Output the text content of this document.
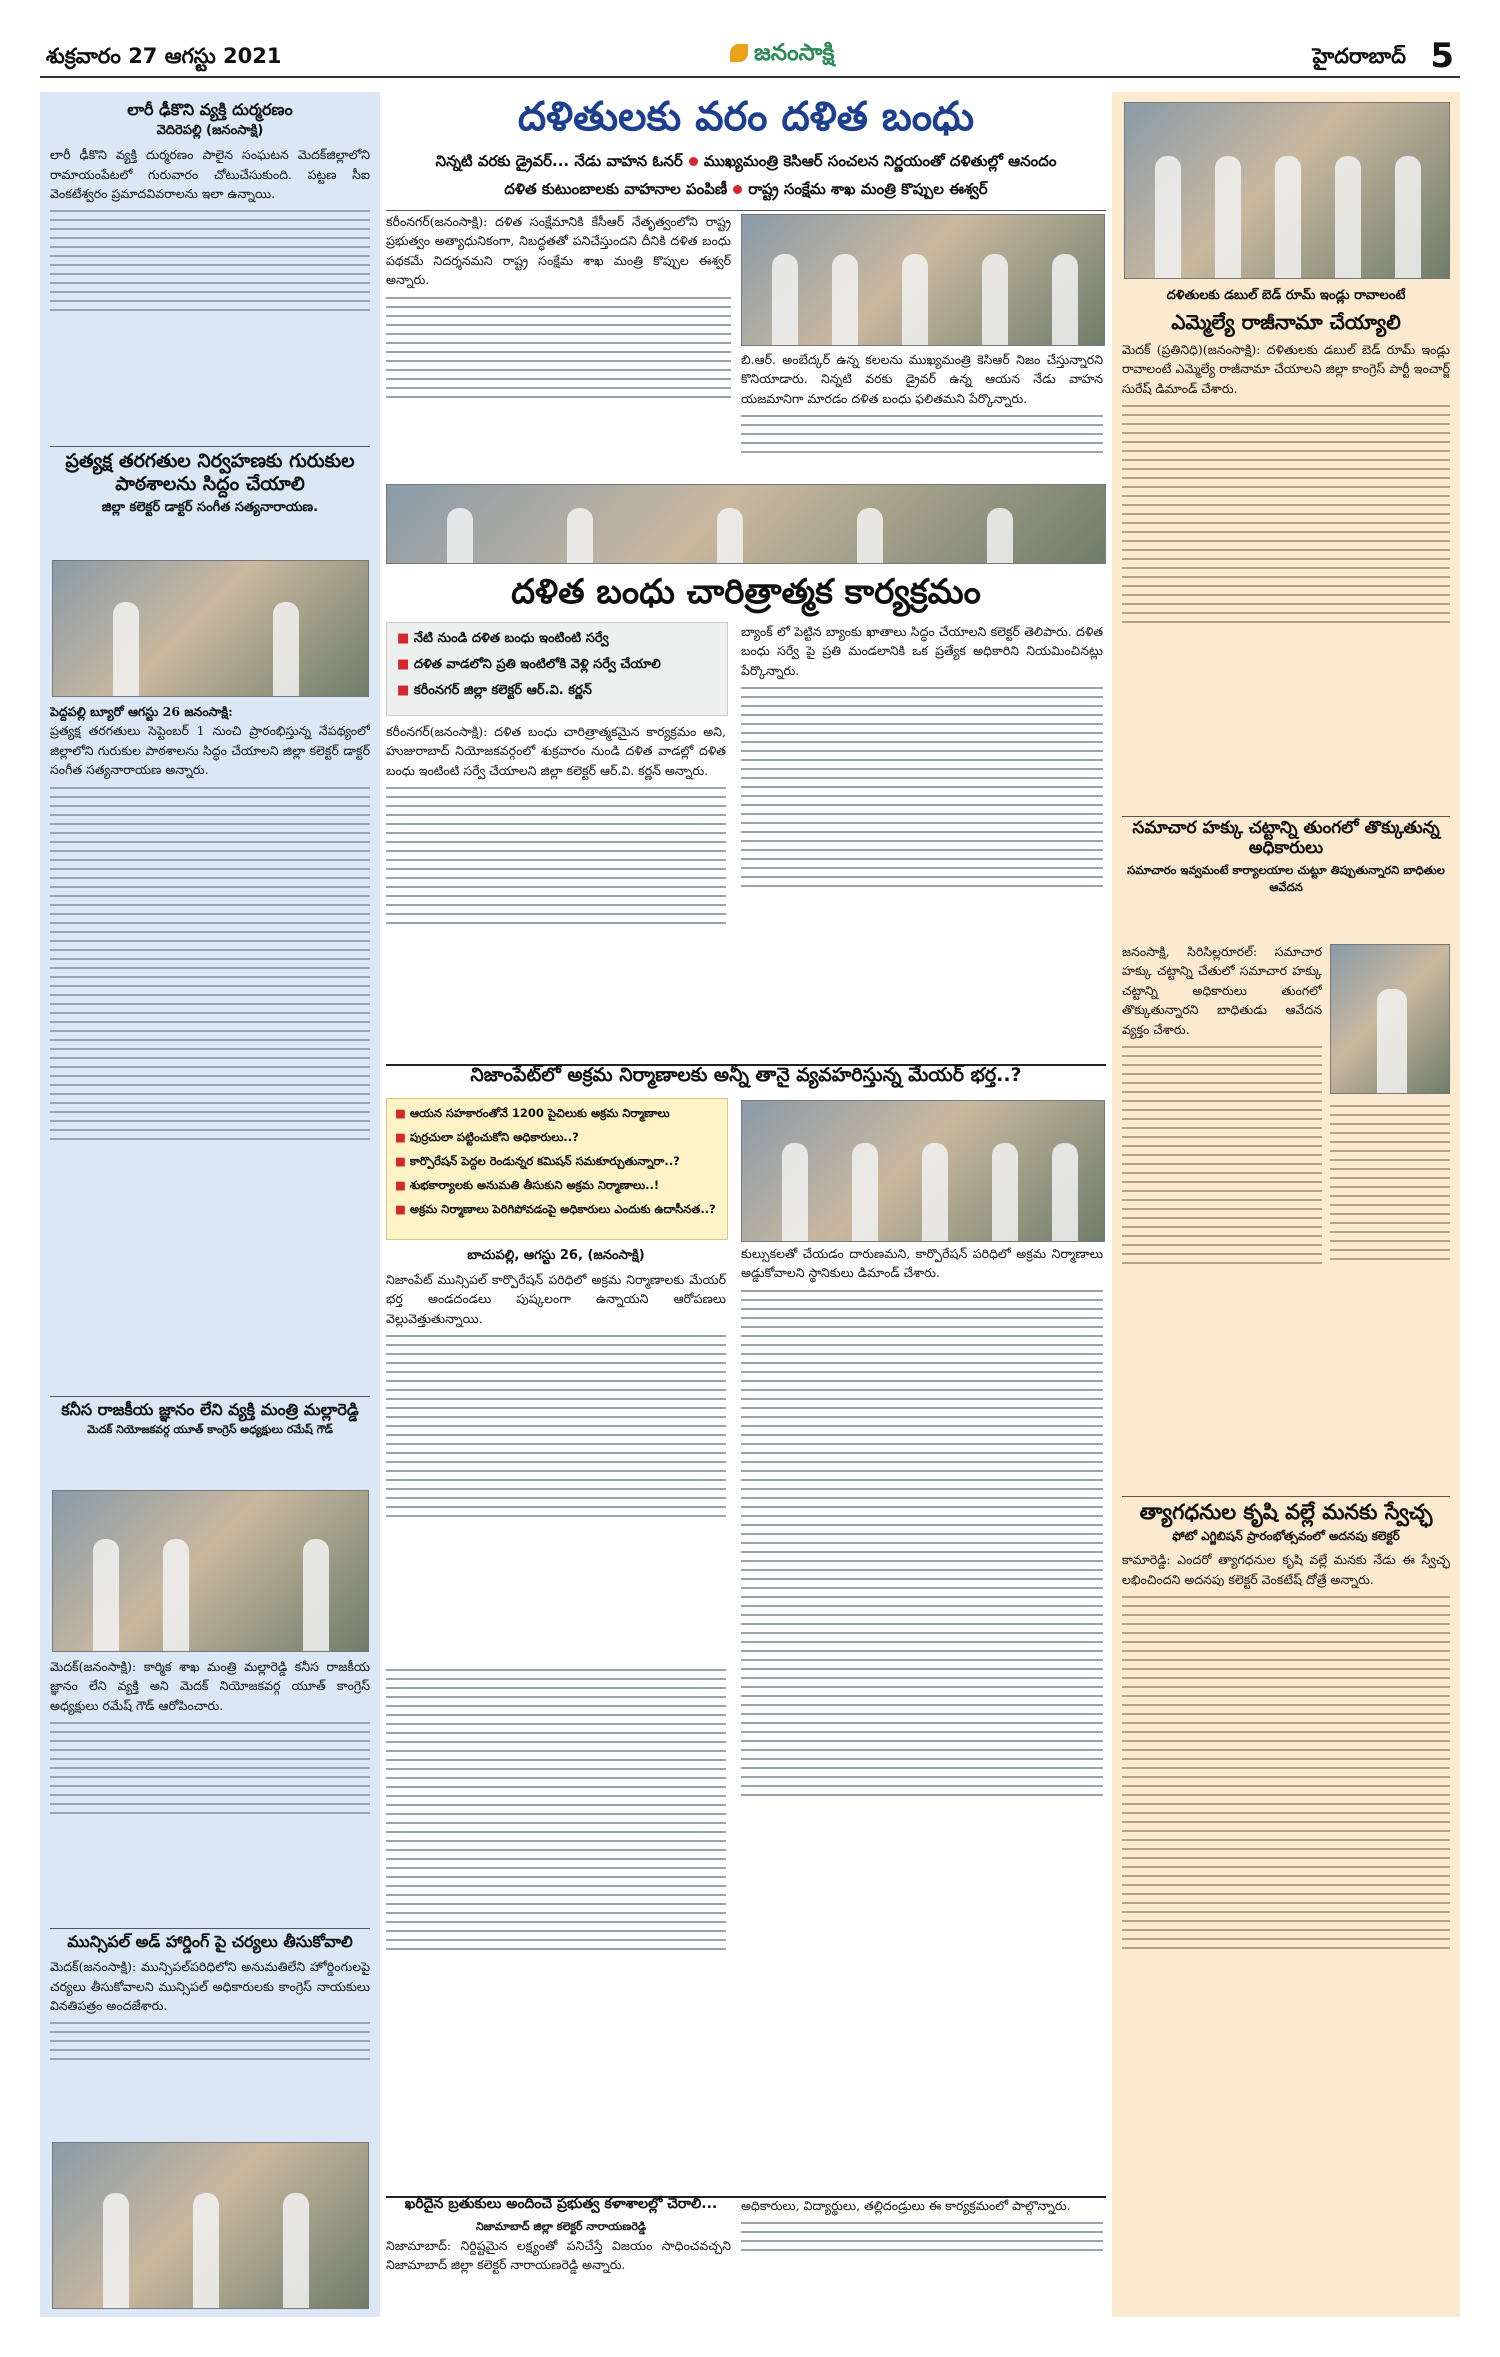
శుక్రవారం 27 ఆగస్టు 2021	జనంసాక్షి	హైదరాబాద్ 5
లారీ ఢీకొని వ్యక్తి దుర్మరణం
వెదిరెపల్లి (జనంసాక్షి)
లారీ ఢీకొని వ్యక్తి దుర్మరణం పాలైన సంఘటన మెదక్‌జిల్లాలోని రామాయంపేటలో గురువారం చోటుచేసుకుంది. పట్టణ సీఐ వెంకటేశ్వరం ప్రమాదవివరాలను ఇలా ఉన్నాయి.
ప్రత్యక్ష తరగతుల నిర్వహణకు గురుకుల పాఠశాలను సిద్దం చేయాలి
జిల్లా కలెక్టర్ డాక్టర్ సంగీత సత్యనారాయణ.
పెద్దపల్లి బ్యూరో ఆగస్టు 26 జనంసాక్షి:
ప్రత్యక్ష తరగతులు సెప్టెంబర్ 1 నుంచి ప్రారంభిస్తున్న నేపథ్యంలో జిల్లాలోని గురుకుల పాఠశాలను సిద్ధం చేయాలని జిల్లా కలెక్టర్ డాక్టర్ సంగీత సత్యనారాయణ అన్నారు.
కనీస రాజకీయ జ్ఞానం లేని వ్యక్తి మంత్రి మల్లారెడ్డి
మెదక్ నియోజకవర్గ యూత్ కాంగ్రెస్ అధ్యక్షులు రమేష్ గౌడ్
మెదక్(జనంసాక్షి): కార్మిక శాఖ మంత్రి మల్లారెడ్డి కనీస రాజకీయ జ్ఞానం లేని వ్యక్తి అని మెదక్ నియోజకవర్గ యూత్ కాంగ్రెస్ అధ్యక్షులు రమేష్ గౌడ్ ఆరోపించారు.
మున్సిపల్ అడ్ హార్డింగ్‌ పై చర్యలు తీసుకోవాలి
మెదక్(జనంసాక్షి): మున్సిపల్‌పరిధిలోని అనుమతిలేని హోర్డింగులపై చర్యలు తీసుకోవాలని మున్సిపల్ అధికారులకు కాంగ్రెస్ నాయకులు వినతిపత్రం అందజేశారు.
దళితులకు వరం దళిత బంధు
నిన్నటి వరకు డ్రైవర్... నేడు వాహన ఓనర్ ముఖ్యమంత్రి కెసిఆర్ సంచలన నిర్ణయంతో దళితుల్లో ఆనందం
దళిత కుటుంబాలకు వాహనాల పంపిణీ రాష్ట్ర సంక్షేమ శాఖ మంత్రి కొప్పుల ఈశ్వర్
కరీంనగర్(జనంసాక్షి): దళిత సంక్షేమానికి కేసీఆర్ నేతృత్వంలోని రాష్ట్ర ప్రభుత్వం అత్యాధునికంగా, నిబద్ధతతో పనిచేస్తుందని దీనికి దళిత బంధు పథకమే నిదర్శనమని రాష్ట్ర సంక్షేమ శాఖ మంత్రి కొప్పుల ఈశ్వర్ అన్నారు.
బి.ఆర్. అంబేద్కర్ ఉన్న కలలను ముఖ్యమంత్రి కెసిఆర్ నిజం చేస్తున్నారని కొనియాడారు. నిన్నటి వరకు డ్రైవర్ ఉన్న ఆయన నేడు వాహన యజమానిగా మారడం దళిత బంధు ఫలితమని పేర్కొన్నారు.
దళిత బంధు చారిత్రాత్మక కార్యక్రమం
■ నేటి నుండి దళిత బంధు ఇంటింటి సర్వే
■ దళిత వాడలోని ప్రతి ఇంటిలోకి వెళ్లి సర్వే చేయాలి
■ కరీంనగర్ జిల్లా కలెక్టర్ ఆర్.వి. కర్ణన్
కరీంనగర్(జనంసాక్షి): దళిత బంధు చారిత్రాత్మకమైన కార్యక్రమం అని, హుజురాబాద్ నియోజకవర్గంలో శుక్రవారం నుండి దళిత వాడల్లో దళిత బంధు ఇంటింటి సర్వే చేయాలని జిల్లా కలెక్టర్ ఆర్.వి. కర్ణన్ అన్నారు.
బ్యాంక్ లో పెట్టిన బ్యాంకు ఖాతాలు సిద్ధం చేయాలని కలెక్టర్ తెలిపారు. దళిత బంధు సర్వే పై ప్రతి మండలానికి ఒక ప్రత్యేక అధికారిని నియమించినట్లు పేర్కొన్నారు.
నిజాంపేట్‌లో అక్రమ నిర్మాణాలకు అన్నీ తానై వ్యవహరిస్తున్న మేయర్ భర్త..?
■ ఆయన సహకారంతోనే 1200 పైచిలుకు అక్రమ నిర్మాణాలు
■ పుర్రచులా పట్టించుకోని అధికారులు..?
■ కార్పొరేషన్ పెద్దల రెండున్నర కమిషన్ సమకూర్చుతున్నారా..?
■ శుభకార్యాలకు అనుమతి తీసుకుని అక్రమ నిర్మాణాలు..!
■ అక్రమ నిర్మాణాలు పెరిగిపోవడంపై అధికారులు ఎందుకు ఉదాసీనత..?
బాచుపల్లి, ఆగస్టు 26, (జనంసాక్షి)
నిజాంపేట్ మున్సిపల్ కార్పొరేషన్ పరిధిలో అక్రమ నిర్మాణాలకు మేయర్ భర్త అండదండలు పుష్కలంగా ఉన్నాయని ఆరోపణలు వెల్లువెత్తుతున్నాయి.
కుల్సుకలతో చేయడం దారుణమని, కార్పొరేషన్ పరిధిలో అక్రమ నిర్మాణాలు అడ్డుకోవాలని స్థానికులు డిమాండ్ చేశారు.
ఖరీదైన బ్రతుకులు అందించే ప్రభుత్వ కళాశాలల్లో చేరాలి...
నిజామాబాద్ జిల్లా కలెక్టర్ నారాయణరెడ్డి
నిజామాబాద్: నిర్దిష్టమైన లక్ష్యంతో పనిచేస్తే విజయం సాధించవచ్చని నిజామాబాద్ జిల్లా కలెక్టర్ నారాయణరెడ్డి అన్నారు.
అధికారులు, విద్యార్థులు, తల్లిదండ్రులు ఈ కార్యక్రమంలో పాల్గొన్నారు.
దళితులకు డబుల్ బెడ్ రూమ్ ఇండ్లు రావాలంటే
ఎమ్మెల్యే రాజీనామా చేయ్యాలి
మెదక్ (ప్రతినిధి)(జనంసాక్షి): దళితులకు డబుల్ బెడ్ రూమ్ ఇండ్లు రావాలంటే ఎమ్మెల్యే రాజీనామా చేయాలని జిల్లా కాంగ్రెస్ పార్టీ ఇంచార్జ్ సురేష్ డిమాండ్ చేశారు.
సమాచార హక్కు చట్టాన్ని తుంగలో తొక్కుతున్న అధికారులు
సమాచారం ఇవ్వమంటే కార్యాలయాల చుట్టూ తిప్పుతున్నారని బాధితుల ఆవేదన
జనంసాక్షి, సిరిసిల్లరూరల్: సమాచార హక్కు చట్టాన్ని చేతులో సమాచార హక్కు చట్టాన్ని అధికారులు తుంగలో తొక్కుతున్నారని బాధితుడు ఆవేదన వ్యక్తం చేశారు.
త్యాగధనుల కృషి వల్లే మనకు స్వేచ్ఛ
ఫోటో ఎగ్జిబిషన్ ప్రారంభోత్సవంలో అదనపు కలెక్టర్
కామారెడ్డి: ఎందరో త్యాగధనుల కృషి వల్లే మనకు నేడు ఈ స్వేచ్ఛ లభించిందని అదనపు కలెక్టర్ వెంకటేష్ దోత్రే అన్నారు.
